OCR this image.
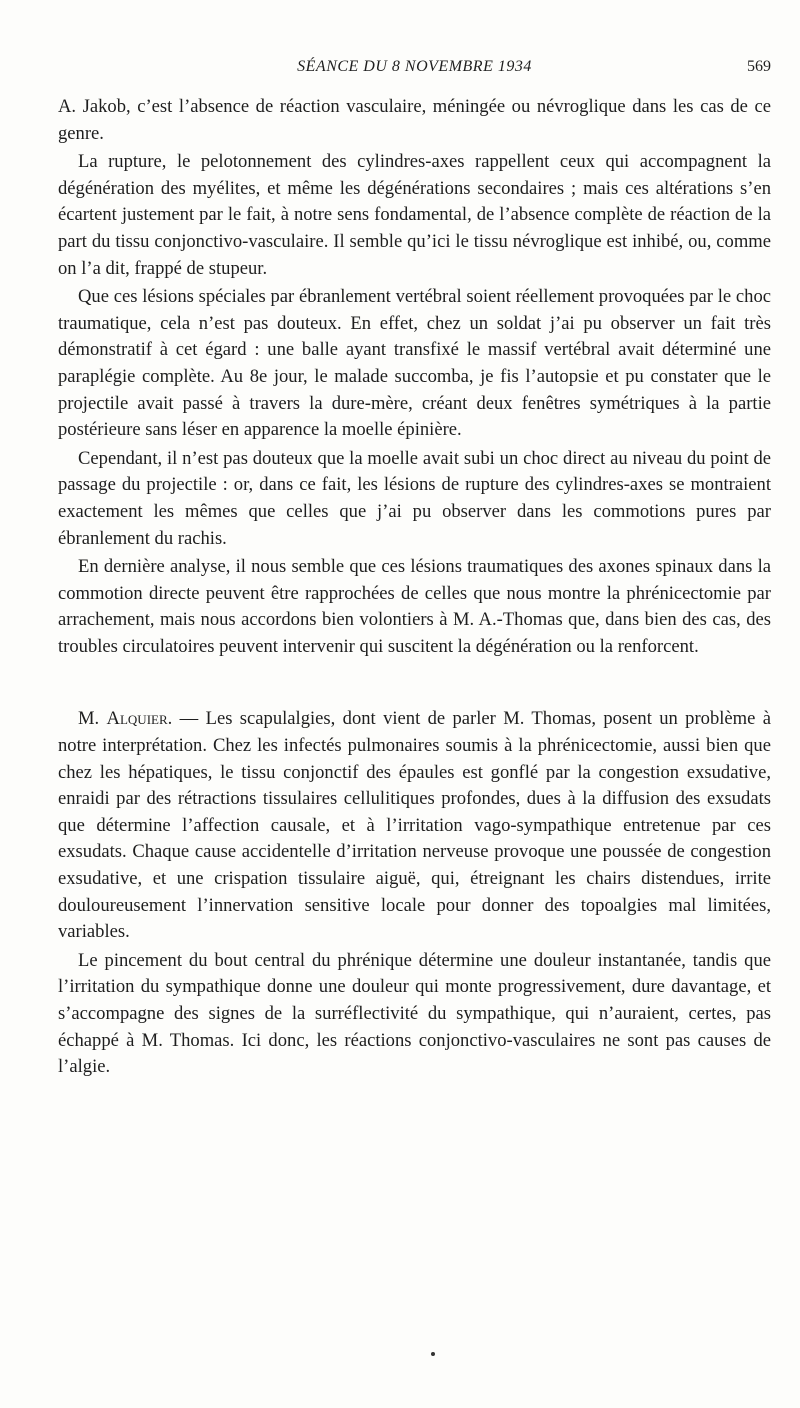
SÉANCE DU 8 NOVEMBRE 1934	569

A. Jakob, c’est l’absence de réaction vasculaire, méningée ou névroglique dans les cas de ce genre.

La rupture, le pelotonnement des cylindres-axes rappellent ceux qui accompagnent la dégénération des myélites, et même les dégénérations secondaires ; mais ces altérations s’en écartent justement par le fait, à notre sens fondamental, de l’absence complète de réaction de la part du tissu conjonctivo-vasculaire. Il semble qu’ici le tissu névroglique est inhibé, ou, comme on l’a dit, frappé de stupeur.

Que ces lésions spéciales par ébranlement vertébral soient réellement provoquées par le choc traumatique, cela n’est pas douteux. En effet, chez un soldat j’ai pu observer un fait très démonstratif à cet égard : une balle ayant transfixé le massif vertébral avait déterminé une paraplégie complète. Au 8e jour, le malade succomba, je fis l’autopsie et pu constater que le projectile avait passé à travers la dure-mère, créant deux fenêtres symétriques à la partie postérieure sans léser en apparence la moelle épinière.

Cependant, il n’est pas douteux que la moelle avait subi un choc direct au niveau du point de passage du projectile : or, dans ce fait, les lésions de rupture des cylindres-axes se montraient exactement les mêmes que celles que j’ai pu observer dans les commotions pures par ébranlement du rachis.

En dernière analyse, il nous semble que ces lésions traumatiques des axones spinaux dans la commotion directe peuvent être rapprochées de celles que nous montre la phrénicectomie par arrachement, mais nous accordons bien volontiers à M. A.-Thomas que, dans bien des cas, des troubles circulatoires peuvent intervenir qui suscitent la dégénération ou la renforcent.

M. Alquier. — Les scapulalgies, dont vient de parler M. Thomas, posent un problème à notre interprétation. Chez les infectés pulmonaires soumis à la phrénicectomie, aussi bien que chez les hépatiques, le tissu conjonctif des épaules est gonflé par la congestion exsudative, enraidi par des rétractions tissulaires cellulitiques profondes, dues à la diffusion des exsudats que détermine l’affection causale, et à l’irritation vago-sympathique entretenue par ces exsudats. Chaque cause accidentelle d’irritation nerveuse provoque une poussée de congestion exsudative, et une crispation tissulaire aiguë, qui, étreignant les chairs distendues, irrite douloureusement l’innervation sensitive locale pour donner des topoalgies mal limitées, variables.

Le pincement du bout central du phrénique détermine une douleur instantanée, tandis que l’irritation du sympathique donne une douleur qui monte progressivement, dure davantage, et s’accompagne des signes de la surréflectivité du sympathique, qui n’auraient, certes, pas échappé à M. Thomas. Ici donc, les réactions conjonctivo-vasculaires ne sont pas causes de l’algie.
